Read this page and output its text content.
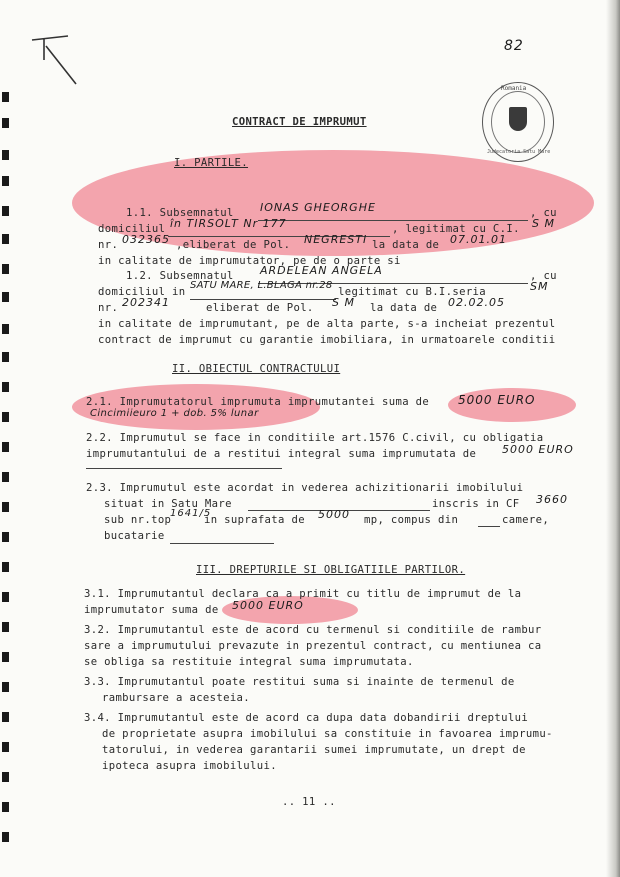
82
Romania
Judecatoria Satu Mare
CONTRACT DE IMPRUMUT
I. PARTILE.
1.1. Subsemnatul IONAS GHEORGHE	, cu
domiciliul în TIRSOLT Nr 177	, legitimat cu C.I. S M
nr. 032365 ,eliberat de Pol. NEGRESTI la data de 07.01.01
in calitate de imprumutator, pe de o parte si
1.2. Subsemnatul ARDELEAN ANGELA	, cu
domiciliul in
SATU MARE, L.BLAGA nr.28
legitimat cu B.I.seria	SM
nr. 202341	eliberat de Pol. S M la data de 02.02.05
in calitate de imprumutant, pe de alta parte, s-a incheiat prezentul
contract de imprumut cu garantie imobiliara, in urmatoarele conditii
II. OBIECTUL CONTRACTULUI
2.1. Imprumutatorul imprumuta imprumutantei suma de 5000 EURO
Cincimiieuro 1 + dob. 5% lunar
2.2. Imprumutul se face in conditiile art.1576 C.civil, cu obligatia
imprumutantului de a restitui integral suma imprumutata de 5000 EURO
2.3. Imprumutul este acordat in vederea achizitionarii imobilului
situat in Satu Mare	inscris in CF 3660
sub nr.top
1641/5
in suprafata de 5000 mp, compus din	camere,
bucatarie
III. DREPTURILE SI OBLIGATIILE PARTILOR.
3.1. Imprumutantul declara ca a primit cu titlu de imprumut de la
imprumutator suma de 5000 EURO
3.2. Imprumutantul este de acord cu termenul si conditiile de rambur
sare a imprumutului prevazute in prezentul contract, cu mentiunea ca
se obliga sa restituie integral suma imprumutata.
3.3. Imprumutantul poate restitui suma si inainte de termenul de
rambursare a acesteia.
3.4. Imprumutantul este de acord ca dupa data dobandirii dreptului
de proprietate asupra imobilului sa constituie in favoarea imprumu-
tatorului, in vederea garantarii sumei imprumutate, un drept de
ipoteca asupra imobilului.
.. 11 ..
